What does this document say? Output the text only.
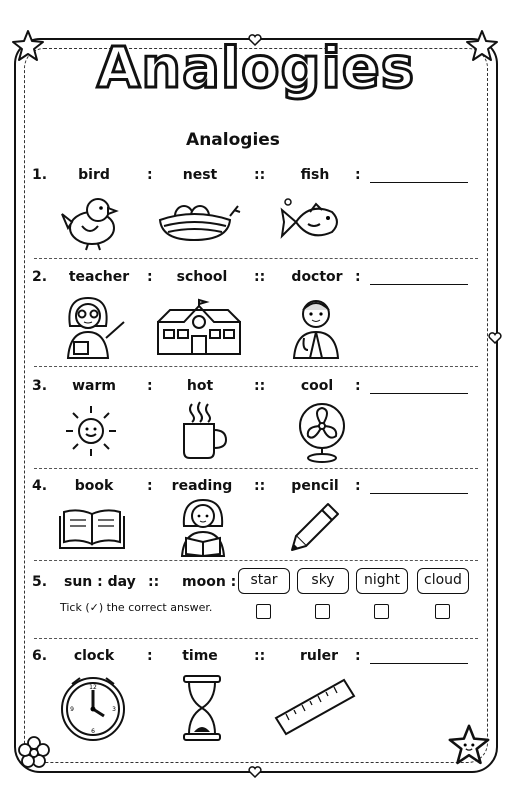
Analogies
Analogies
1.	bird	:	nest	::	fish	:
2.	teacher	:	school	::	doctor :
3.	warm	:	hot	::	cool	:
4.	book	:	reading	::	pencil	:
5. sun : day :: moon :	star	sky	night	cloud
Tick (✓) the correct answer.
6.	clock	:	time	::	ruler	:
12
3
6
9
